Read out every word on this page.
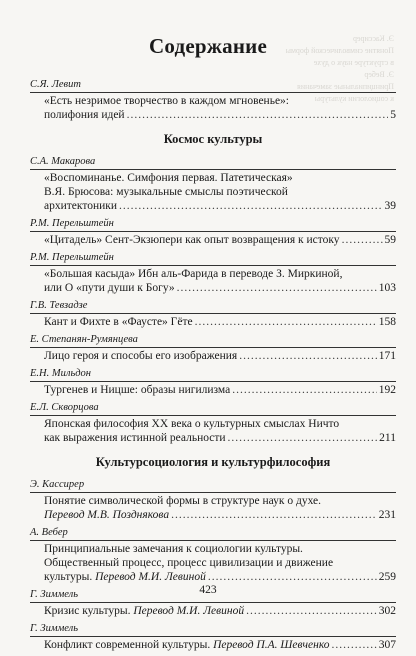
Э. Кассирер
Понятие символической формы
в структуре наук о духе
Э. Вебер
Принципиальные замечания
к социологии культуры
Содержание
С.Я. Левит
«Есть незримое творчество в каждом мгновенье»:
полифония идей .....	5
Космос культуры
С.А. Макарова
«Воспоминанье. Симфония первая. Патетическая»
В.Я. Брюсова: музыкальные смыслы поэтической
архитектоники .....	39
Р.М. Перельштейн
«Цитадель» Сент-Экзюпери как опыт возвращения к истоку .....	59
Р.М. Перельштейн
«Большая касыда» Ибн аль-Фарида в переводе З. Миркиной,
или О «пути души к Богу» .....	103
Г.В. Тевзадзе
Кант и Фихте в «Фаусте» Гёте .....	158
Е. Степанян-Румянцева
Лицо героя и способы его изображения .....	171
Е.Н. Мильдон
Тургенев и Ницше: образы нигилизма .....	192
Е.Л. Скворцова
Японская философия XX века о культурных смыслах Ничто
как выражения истинной реальности .....	211
Культурсоциология и культурфилософия
Э. Кассирер
Понятие символической формы в структуре наук о духе.
Перевод М.В. Позднякова .....	231
А. Вебер
Принципиальные замечания к социологии культуры.
Общественный процесс, процесс цивилизации и движение
культуры. Перевод М.И. Левиной .....	259
Г. Зиммель
Кризис культуры. Перевод М.И. Левиной .....	302
Г. Зиммель
Конфликт современной культуры. Перевод П.А. Шевченко .....	307
423
